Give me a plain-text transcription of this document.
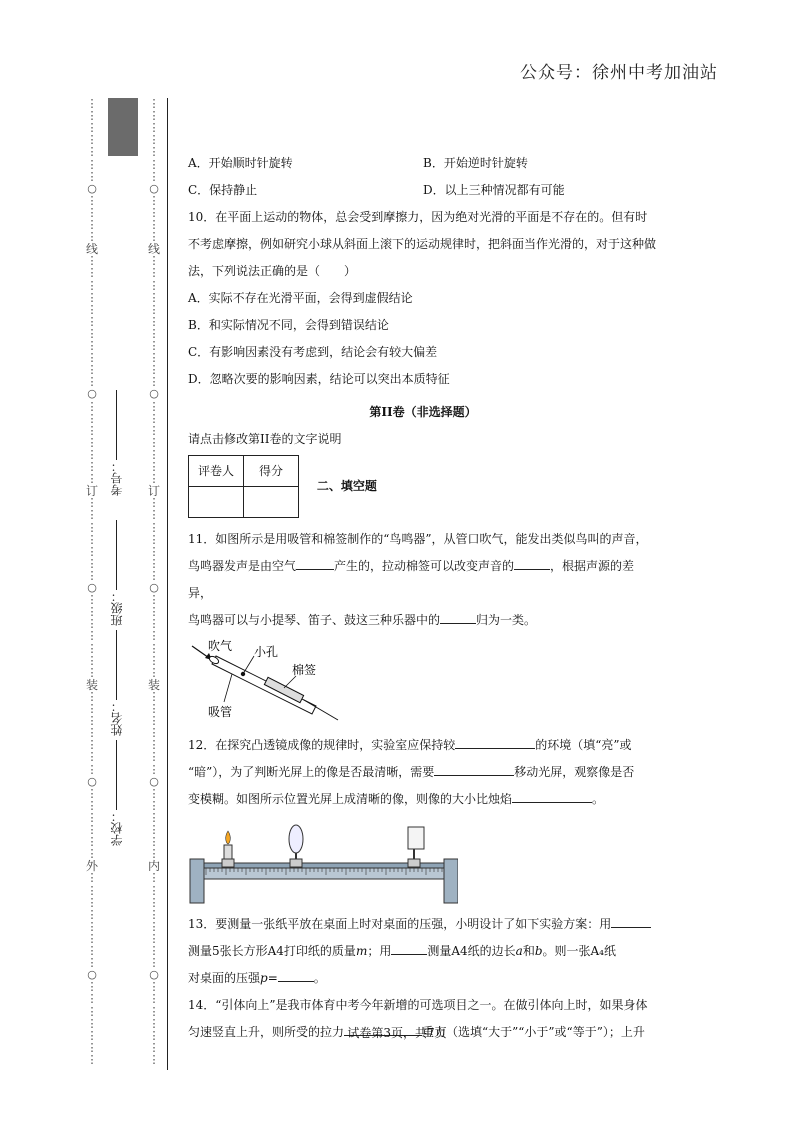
公众号：徐州中考加油站
⋮
⋮
⋮
⋮
⋮
⋮
⋮
○
⋮
⋮
⋮
⋮
线
⋮
⋮
⋮
⋮
⋮
⋮
⋮
⋮
⋮
⋮
⋮
○
⋮
⋮
⋮
⋮
⋮
⋮
⋮
订
⋮
⋮
⋮
⋮
⋮
⋮
⋮
○
⋮
⋮
⋮
⋮
⋮
⋮
⋮
装
⋮
⋮
⋮
⋮
⋮
⋮
⋮
○
⋮
⋮
⋮
⋮
⋮
⋮
外
⋮
⋮
⋮
⋮
⋮
⋮
⋮
⋮
○
⋮
⋮
⋮
⋮
⋮
⋮
⋮
⋮
⋮
⋮
⋮
⋮
⋮
⋮
○
⋮
⋮
⋮
⋮
线
⋮
⋮
⋮
⋮
⋮
⋮
⋮
⋮
⋮
⋮
⋮
○
⋮
⋮
⋮
⋮
⋮
⋮
⋮
订
⋮
⋮
⋮
⋮
⋮
⋮
⋮
○
⋮
⋮
⋮
⋮
⋮
⋮
⋮
装
⋮
⋮
⋮
⋮
⋮
⋮
⋮
○
⋮
⋮
⋮
⋮
⋮
⋮
内
⋮
⋮
⋮
⋮
⋮
⋮
⋮
⋮
○
⋮
⋮
⋮
⋮
⋮
⋮
⋮
学校：
姓名：
班级：
考号：
A．开始顺时针旋转	B．开始逆时针旋转
C．保持静止	D．以上三种情况都有可能

10．在平面上运动的物体，总会受到摩擦力，因为绝对光滑的平面是不存在的。但有时不考虑摩擦，例如研究小球从斜面上滚下的运动规律时，把斜面当作光滑的，对于这种做法，下列说法正确的是（　　）

A．实际不存在光滑平面，会得到虚假结论

B．和实际情况不同，会得到错误结论

C．有影响因素没有考虑到，结论会有较大偏差

D．忽略次要的影响因素，结论可以突出本质特征

第II卷（非选择题）

请点击修改第II卷的文字说明

评卷人	得分
	二、填空题

11．如图所示是用吸管和棉签制作的“鸟鸣器”，从管口吹气，能发出类似鸟叫的声音，

鸟鸣器发声是由空气	产生的，拉动棉签可以改变声音的	，根据声源的差异，

鸟鸣器可以与小提琴、笛子、鼓这三种乐器中的	归为一类。

吹气 小孔
棉签
吸管

12．在探究凸透镜成像的规律时，实验室应保持较	的环境（填“亮”或

“暗”），为了判断光屏上的像是否最清晰，需要	移动光屏，观察像是否

变模糊。如图所示位置光屏上成清晰的像，则像的大小比烛焰	。

13．要测量一张纸平放在桌面上时对桌面的压强，小明设计了如下实验方案：用

测量5张长方形A4打印纸的质量m；用	测量A4纸的边长a和b。则一张A₄纸

对桌面的压强p=	。

14．“引体向上”是我市体育中考今年新增的可选项目之一。在做引体向上时，如果身体

匀速竖直上升，则所受的拉力	重力（选填“大于”“小于”或“等于”）；上升

试卷第3页，共7页
